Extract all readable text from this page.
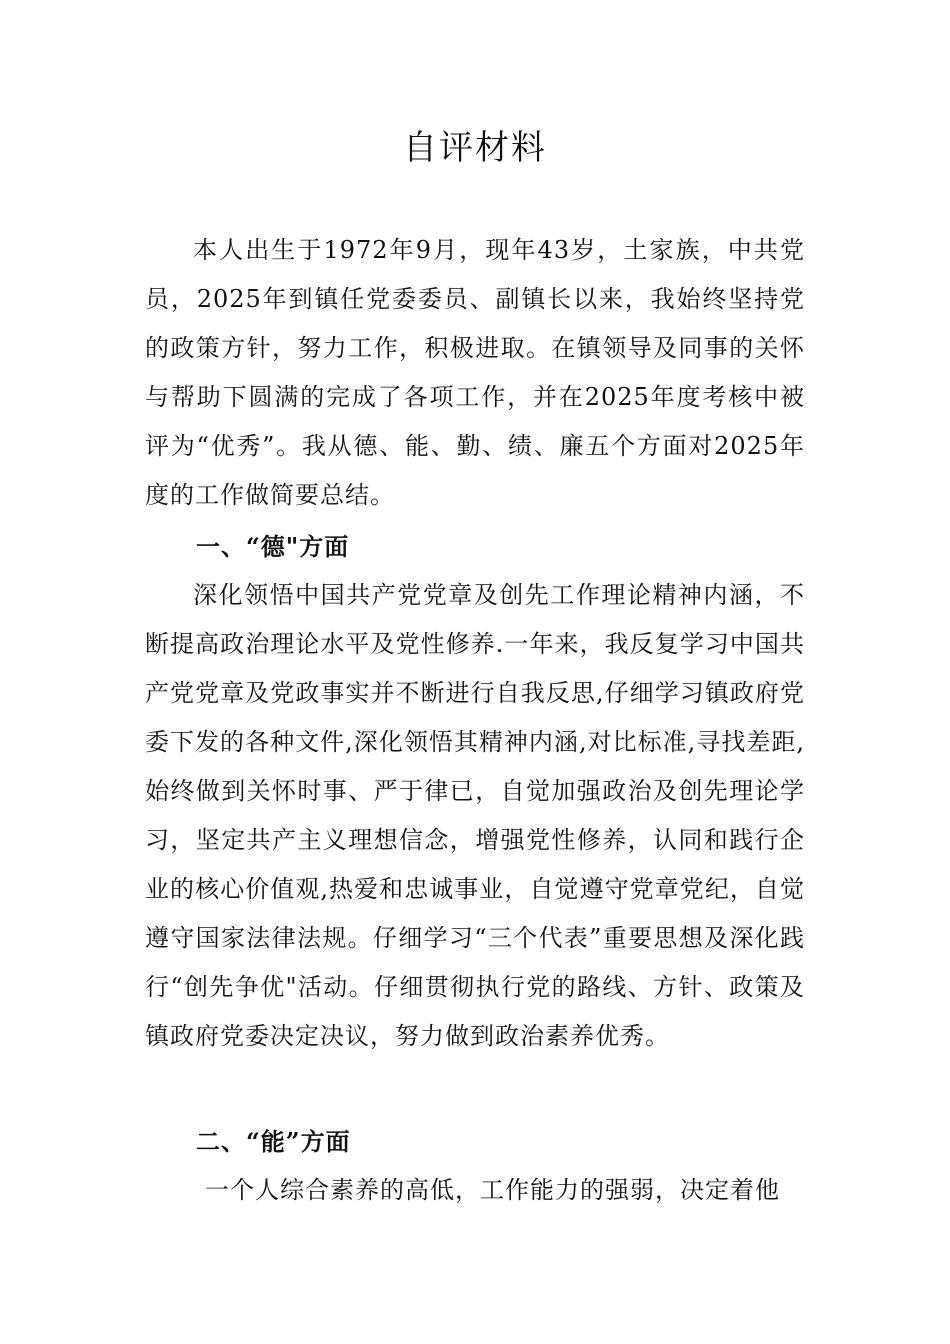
自评材料

本人出生于1972年9月，现年43岁，土家族，中共党员，2025年到镇任党委委员、副镇长以来，我始终坚持党的政策方针，努力工作，积极进取。在镇领导及同事的关怀与帮助下圆满的完成了各项工作，并在2025年度考核中被评为“优秀”。我从德、能、勤、绩、廉五个方面对2025年度的工作做简要总结。

一、“德"方面

深化领悟中国共产党党章及创先工作理论精神内涵，不断提高政治理论水平及党性修养.一年来，我反复学习中国共产党党章及党政事实并不断进行自我反思,仔细学习镇政府党委下发的各种文件,深化领悟其精神内涵,对比标准,寻找差距,始终做到关怀时事、严于律已，自觉加强政治及创先理论学习，坚定共产主义理想信念，增强党性修养，认同和践行企业的核心价值观,热爱和忠诚事业，自觉遵守党章党纪，自觉遵守国家法律法规。仔细学习“三个代表”重要思想及深化践行“创先争优"活动。仔细贯彻执行党的路线、方针、政策及镇政府党委决定决议，努力做到政治素养优秀。

二、“能”方面

一个人综合素养的高低，工作能力的强弱，决定着他
